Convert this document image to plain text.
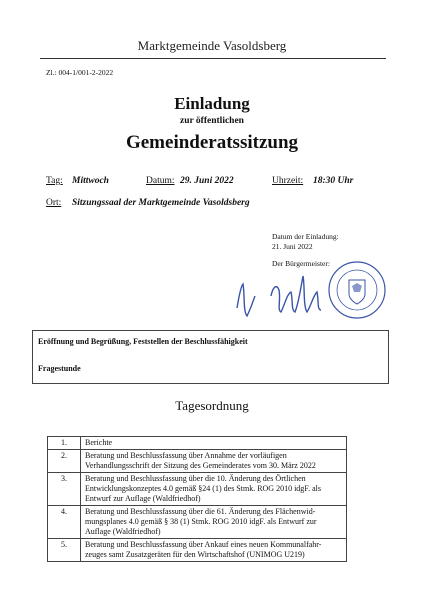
Marktgemeinde Vasoldsberg
Zl.: 004-1/001-2-2022
Einladung
zur öffentlichen
Gemeinderatssitzung
Tag: Mittwoch	Datum: 29. Juni 2022	Uhrzeit: 18:30 Uhr
Ort: Sitzungssaal der Marktgemeinde Vasoldsberg
Datum der Einladung:
21. Juni 2022
Der Bürgermeister:
Eröffnung und Begrüßung, Feststellen der Beschlussfähigkeit
Fragestunde
Tagesordnung
1.	Berichte

2.	Beratung und Beschlussfassung über Annahme der vorläufigen
Verhandlungsschrift der Sitzung des Gemeinderates vom 30. März 2022

3.	Beratung und Beschlussfassung über die 10. Änderung des Örtlichen
Entwicklungskonzeptes 4.0 gemäß §24 (1) des Stmk. ROG 2010 idgF. als
Entwurf zur Auflage (Waldfriedhof)

4.	Beratung und Beschlussfassung über die 61. Änderung des Flächenwid-
mungsplanes 4.0 gemäß § 38 (1) Stmk. ROG 2010 idgF. als Entwurf zur
Auflage (Waldfriedhof)

5.	Beratung und Beschlussfassung über Ankauf eines neuen Kommunalfahr-
zeuges samt Zusatzgeräten für den Wirtschaftshof (UNIMOG U219)
